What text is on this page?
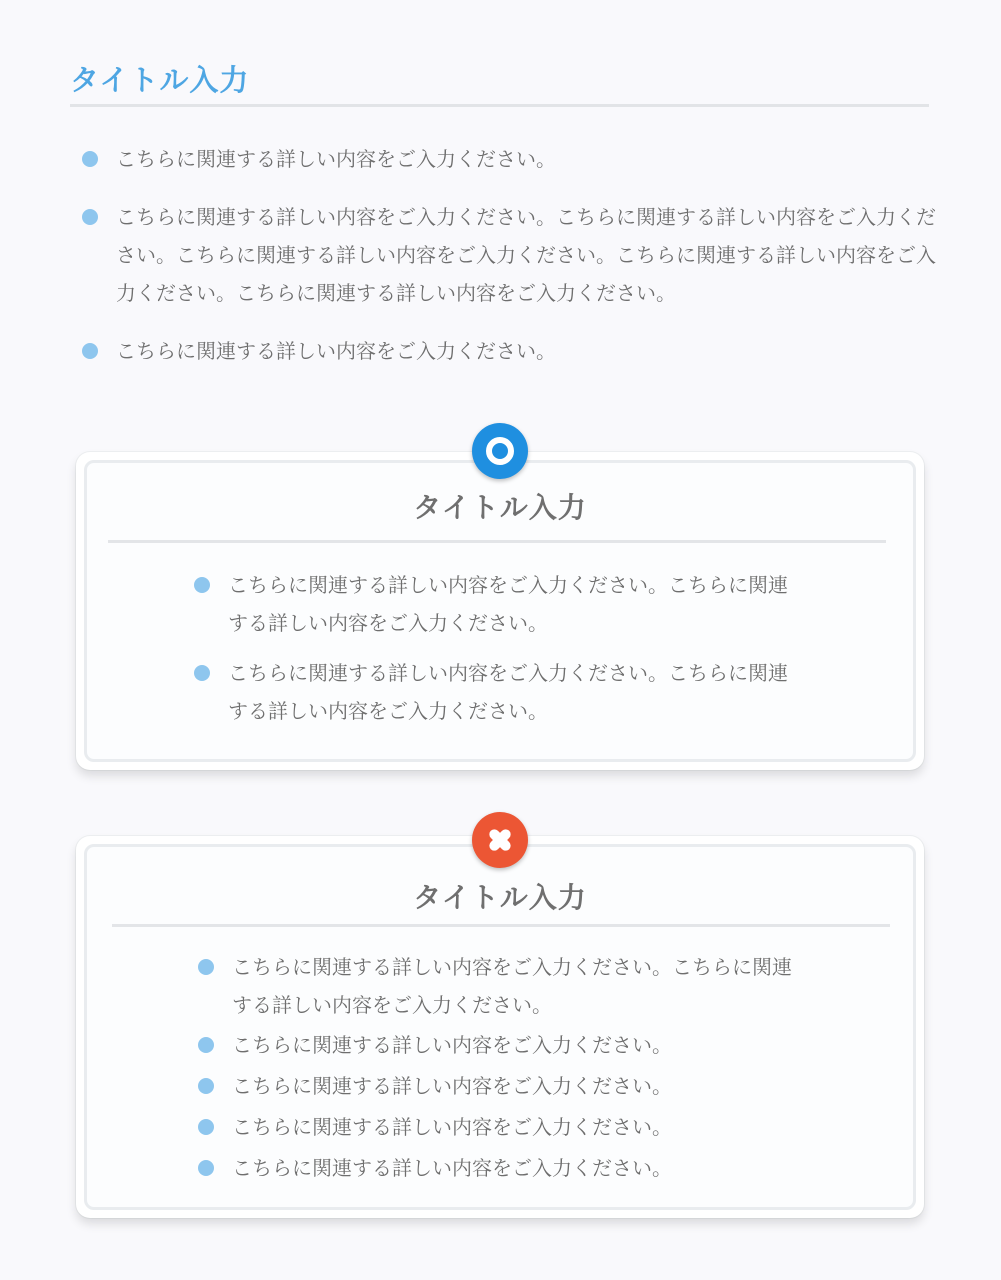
タイトル入力
こちらに関連する詳しい内容をご入力ください。
こちらに関連する詳しい内容をご入力ください。こちらに関連する詳しい内容をご入力ください。こちらに関連する詳しい内容をご入力ください。こちらに関連する詳しい内容をご入力ください。こちらに関連する詳しい内容をご入力ください。
こちらに関連する詳しい内容をご入力ください。
タイトル入力
こちらに関連する詳しい内容をご入力ください。こちらに関連する詳しい内容をご入力ください。
こちらに関連する詳しい内容をご入力ください。こちらに関連する詳しい内容をご入力ください。
タイトル入力
こちらに関連する詳しい内容をご入力ください。こちらに関連する詳しい内容をご入力ください。
こちらに関連する詳しい内容をご入力ください。
こちらに関連する詳しい内容をご入力ください。
こちらに関連する詳しい内容をご入力ください。
こちらに関連する詳しい内容をご入力ください。
